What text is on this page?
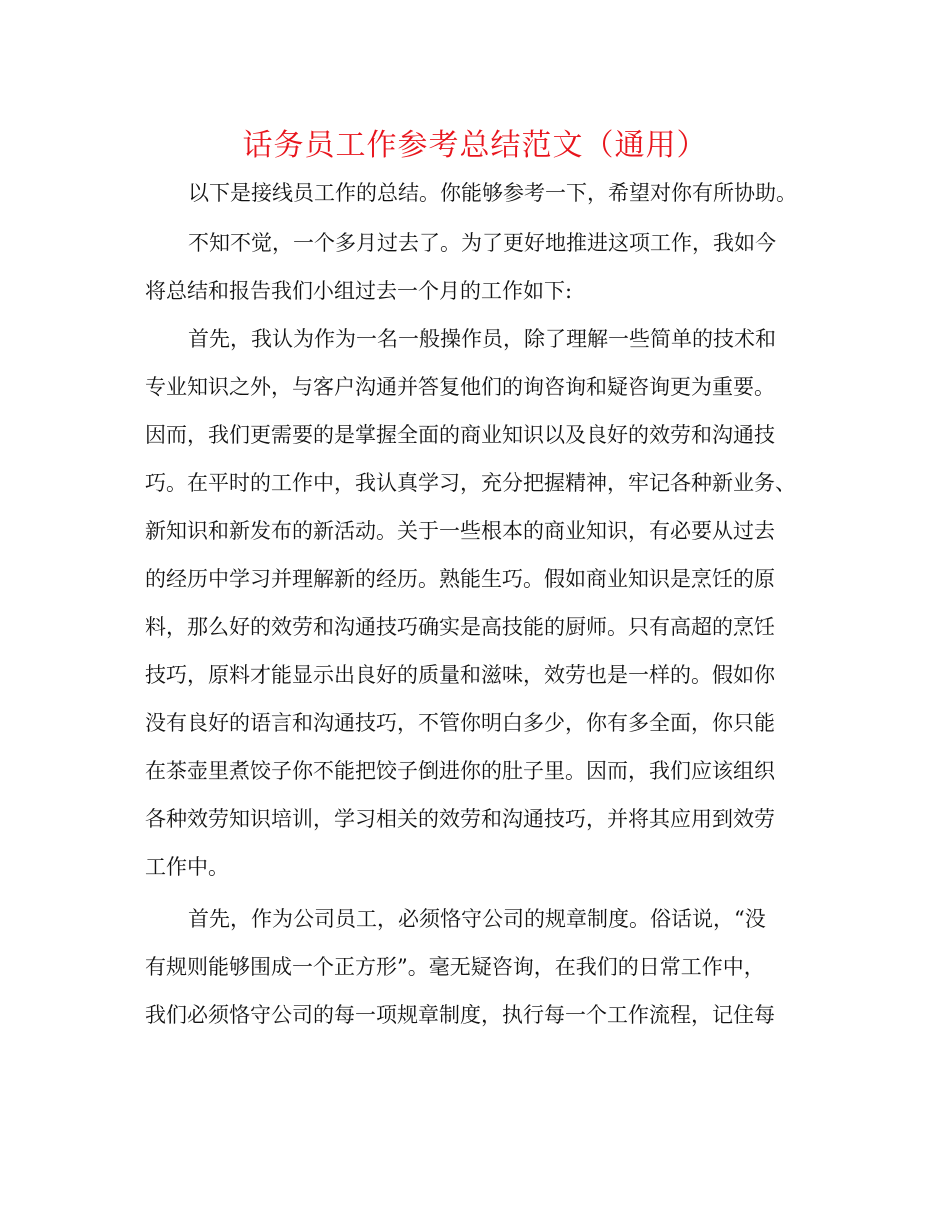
话务员工作参考总结范文（通用）

以下是接线员工作的总结。你能够参考一下，希望对你有所协助。

不知不觉，一个多月过去了。为了更好地推进这项工作，我如今

将总结和报告我们小组过去一个月的工作如下:

首先，我认为作为一名一般操作员，除了理解一些简单的技术和

专业知识之外，与客户沟通并答复他们的询咨询和疑咨询更为重要。

因而，我们更需要的是掌握全面的商业知识以及良好的效劳和沟通技

巧。在平时的工作中，我认真学习，充分把握精神，牢记各种新业务、

新知识和新发布的新活动。关于一些根本的商业知识，有必要从过去

的经历中学习并理解新的经历。熟能生巧。假如商业知识是烹饪的原

料，那么好的效劳和沟通技巧确实是高技能的厨师。只有高超的烹饪

技巧，原料才能显示出良好的质量和滋味，效劳也是一样的。假如你

没有良好的语言和沟通技巧，不管你明白多少，你有多全面，你只能

在茶壶里煮饺子你不能把饺子倒进你的肚子里。因而，我们应该组织

各种效劳知识培训，学习相关的效劳和沟通技巧，并将其应用到效劳

工作中。

首先，作为公司员工，必须恪守公司的规章制度。俗话说，“没

有规则能够围成一个正方形”。毫无疑咨询，在我们的日常工作中，

我们必须恪守公司的每一项规章制度，执行每一个工作流程，记住每
